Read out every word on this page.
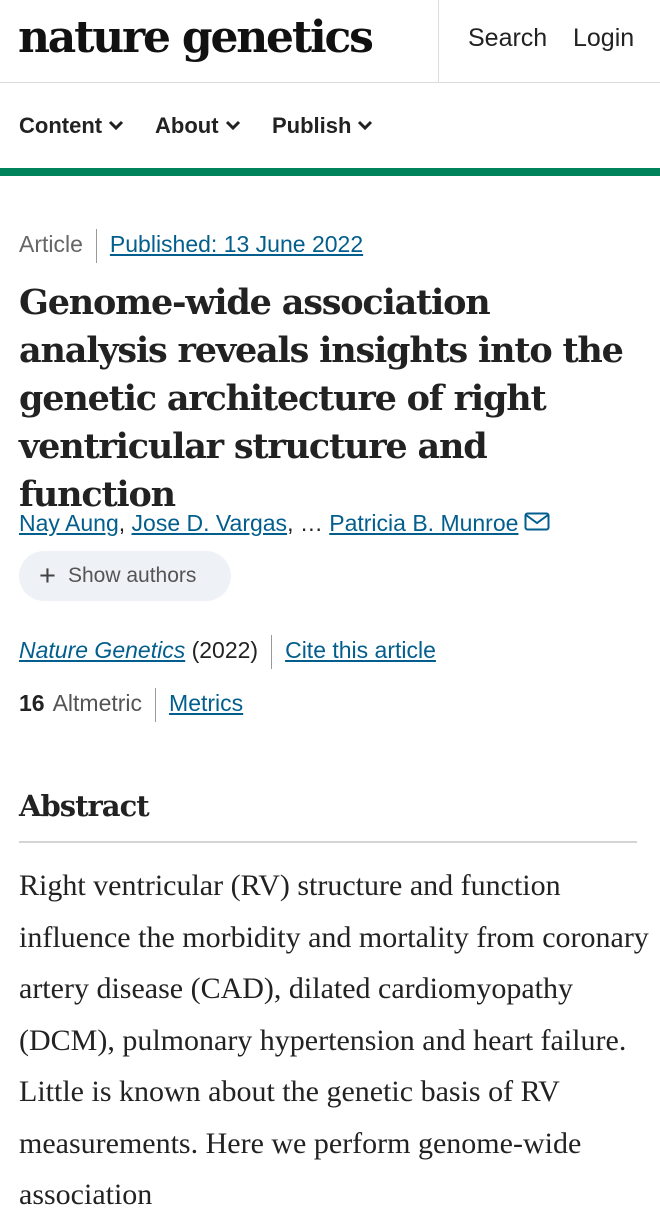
nature genetics	Search Login
Content	About	Publish
Article Published: 13 June 2022
Genome-wide association analysis reveals insights into the genetic architecture of right ventricular structure and function
Nay Aung, Jose D. Vargas, … Patricia B. Munroe
+ Show authors
Nature Genetics (2022) Cite this article
16 Altmetric Metrics
Abstract

Right ventricular (RV) structure and function influence the morbidity and mortality from coronary artery disease (CAD), dilated cardiomyopathy (DCM), pulmonary hypertension and heart failure. Little is known about the genetic basis of RV measurements. Here we perform genome-wide association
